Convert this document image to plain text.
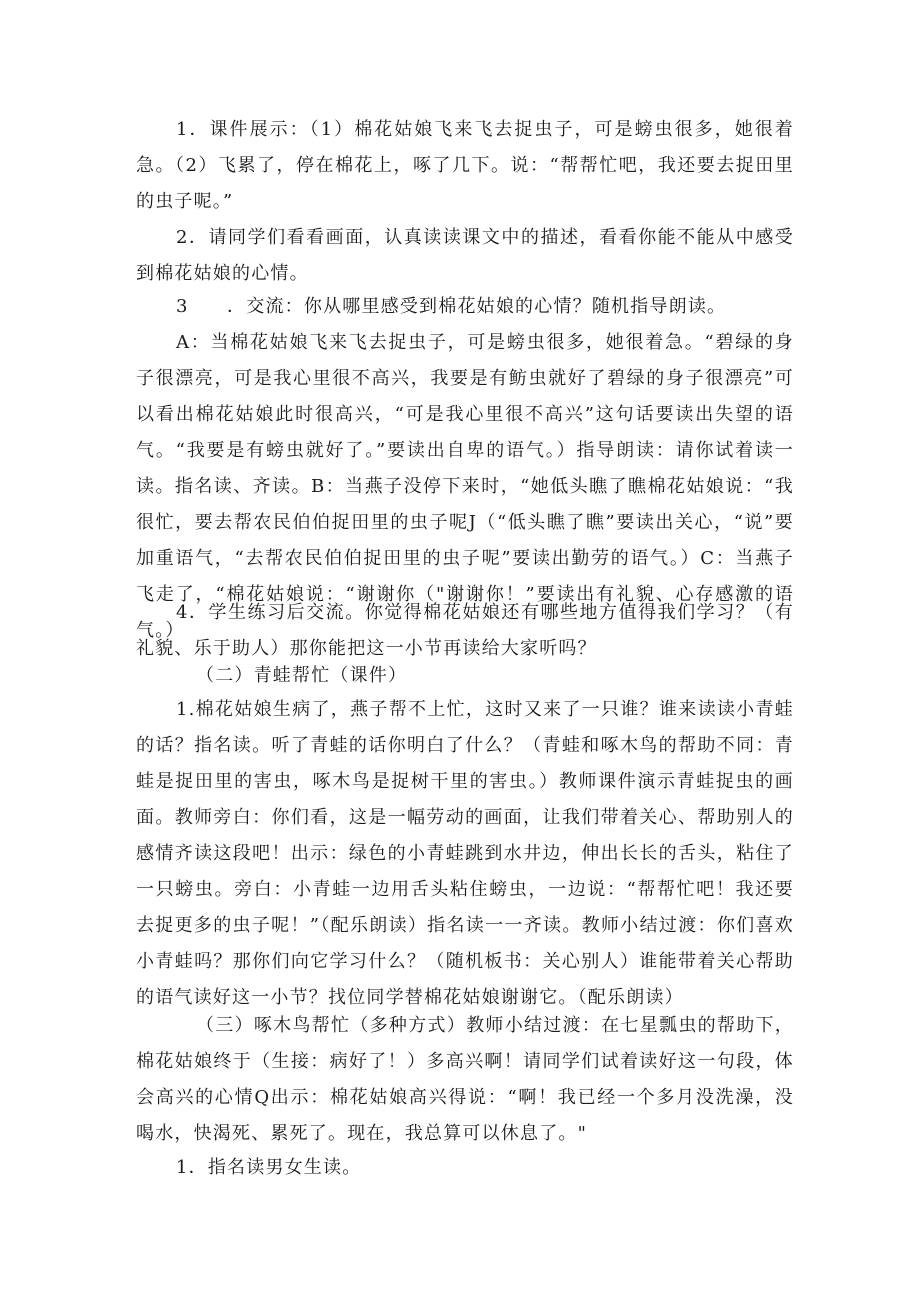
1．课件展示：（1）棉花姑娘飞来飞去捉虫子，可是螃虫很多，她很着急。（2）飞累了，停在棉花上，啄了几下。说：“帮帮忙吧，我还要去捉田里的虫子呢。”

2．请同学们看看画面，认真读读课文中的描述，看看你能不能从中感受到棉花姑娘的心情。

3　　．交流：你从哪里感受到棉花姑娘的心情？随机指导朗读。

A：当棉花姑娘飞来飞去捉虫子，可是螃虫很多，她很着急。“碧绿的身子很漂亮，可是我心里很不高兴，我要是有鲂虫就好了碧绿的身子很漂亮”可以看出棉花姑娘此时很高兴，“可是我心里很不高兴”这句话要读出失望的语气。“我要是有螃虫就好了。”要读出自卑的语气。）指导朗读：请你试着读一读。指名读、齐读。B：当燕子没停下来时，“她低头瞧了瞧棉花姑娘说：“我很忙，要去帮农民伯伯捉田里的虫子呢J（“低头瞧了瞧”要读出关心，“说”要加重语气，“去帮农民伯伯捉田里的虫子呢”要读出勤劳的语气。）C：当燕子飞走了，“棉花姑娘说：“谢谢你（"谢谢你！”要读出有礼貌、心存感激的语气。）

4．学生练习后交流。你觉得棉花姑娘还有哪些地方值得我们学习？（有礼貌、乐于助人）那你能把这一小节再读给大家听吗？

（二）青蛙帮忙（课件）

1.棉花姑娘生病了，燕子帮不上忙，这时又来了一只谁？谁来读读小青蛙的话？指名读。听了青蛙的话你明白了什么？（青蛙和啄木鸟的帮助不同：青蛙是捉田里的害虫，啄木鸟是捉树干里的害虫。）教师课件演示青蛙捉虫的画面。教师旁白：你们看，这是一幅劳动的画面，让我们带着关心、帮助别人的感情齐读这段吧！出示：绿色的小青蛙跳到水井边，伸出长长的舌头，粘住了一只螃虫。旁白：小青蛙一边用舌头粘住螃虫，一边说：“帮帮忙吧！我还要去捉更多的虫子呢！”（配乐朗读）指名读一一齐读。教师小结过渡：你们喜欢小青蛙吗？那你们向它学习什么？（随机板书：关心别人）谁能带着关心帮助的语气读好这一小节？找位同学替棉花姑娘谢谢它。（配乐朗读）

（三）啄木鸟帮忙（多种方式）教师小结过渡：在七星瓢虫的帮助下，棉花姑娘终于（生接：病好了！）多高兴啊！请同学们试着读好这一句段，体会高兴的心情Q出示：棉花姑娘高兴得说：“啊！我已经一个多月没洗澡，没喝水，快渴死、累死了。现在，我总算可以休息了。"

1．指名读男女生读。
